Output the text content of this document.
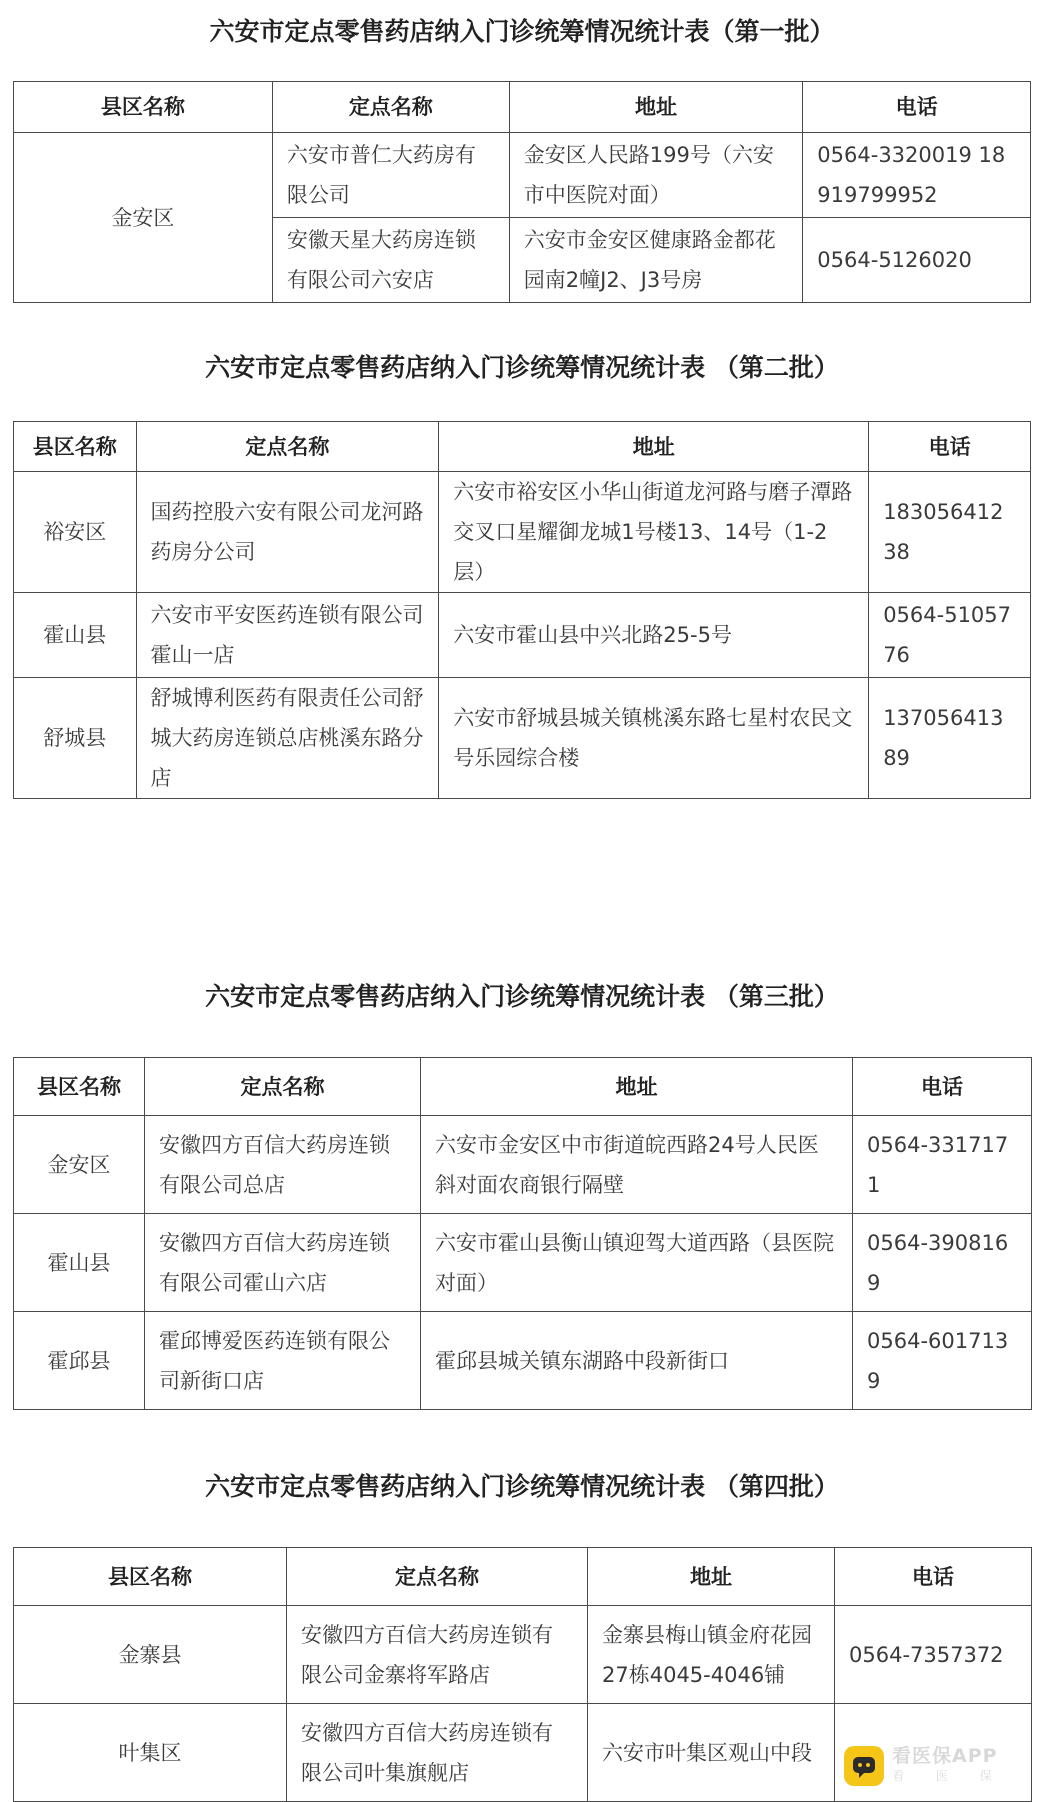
六安市定点零售药店纳入门诊统筹情况统计表（第一批）
县区名称	定点名称	地址	电话
金安区	六安市普仁大药房有限公司	金安区人民路199号（六安市中医院对面）	0564-3320019 18919799952
	安徽天星大药房连锁有限公司六安店	六安市金安区健康路金都花园南2幢J2、J3号房	0564-5126020
六安市定点零售药店纳入门诊统筹情况统计表 （第二批）
县区名称	定点名称	地址	电话
裕安区	国药控股六安有限公司龙河路药房分公司	六安市裕安区小华山街道龙河路与磨子潭路交叉口星耀御龙城1号楼13、14号（1-2层）	18305641238
霍山县	六安市平安医药连锁有限公司霍山一店	六安市霍山县中兴北路25-5号	0564-5105776
舒城县	舒城博利医药有限责任公司舒城大药房连锁总店桃溪东路分店	六安市舒城县城关镇桃溪东路七星村农民文号乐园综合楼	13705641389
六安市定点零售药店纳入门诊统筹情况统计表 （第三批）
县区名称	定点名称	地址	电话
金安区	安徽四方百信大药房连锁有限公司总店	六安市金安区中市街道皖西路24号人民医斜对面农商银行隔壁	0564-3317171
霍山县	安徽四方百信大药房连锁有限公司霍山六店	六安市霍山县衡山镇迎驾大道西路（县医院对面）	0564-3908169
霍邱县	霍邱博爱医药连锁有限公司新街口店	霍邱县城关镇东湖路中段新街口	0564-6017139
六安市定点零售药店纳入门诊统筹情况统计表 （第四批）
县区名称	定点名称	地址	电话
金寨县	安徽四方百信大药房连锁有限公司金寨将军路店	金寨县梅山镇金府花园27栋4045-4046铺	0564-7357372
叶集区	安徽四方百信大药房连锁有限公司叶集旗舰店	六安市叶集区观山中段		看医保APP
看 医 保
